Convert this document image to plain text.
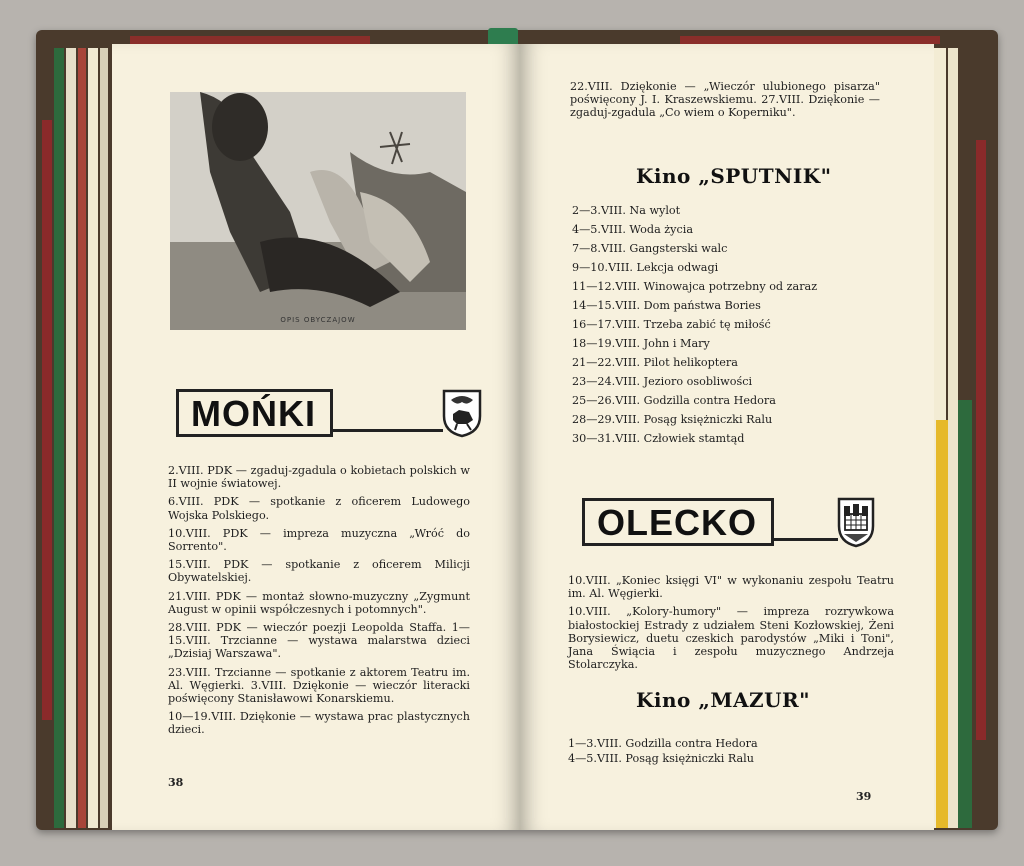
OPIS OBYCZAJOW
MOŃKI

2.VIII. PDK — zgaduj-zgadula o kobietach polskich w II wojnie światowej.

6.VIII. PDK — spotkanie z oficerem Ludowego Wojska Polskiego.

10.VIII. PDK — impreza muzyczna „Wróć do Sorrento".

15.VIII. PDK — spotkanie z oficerem Milicji Obywatelskiej.

21.VIII. PDK — montaż słowno-muzyczny „Zygmunt August w opinii współczesnych i potomnych".

28.VIII. PDK — wieczór poezji Leopolda Staffa. 1—15.VIII. Trzcianne — wystawa malarstwa dzieci „Dzisiaj Warszawa".

23.VIII. Trzcianne — spotkanie z aktorem Teatru im. Al. Węgierki. 3.VIII. Dziękonie — wieczór literacki poświęcony Stanisławowi Konarskiemu.

10—19.VIII. Dziękonie — wystawa prac plastycznych dzieci.

38

22.VIII. Dziękonie — „Wieczór ulubionego pisarza" poświęcony J. I. Kraszewskiemu. 27.VIII. Dziękonie — zgaduj-zgadula „Co wiem o Koperniku".

Kino „SPUTNIK"
2—3.VIII. Na wylot
4—5.VIII. Woda życia
7—8.VIII. Gangsterski walc
9—10.VIII. Lekcja odwagi
11—12.VIII. Winowajca potrzebny od zaraz
14—15.VIII. Dom państwa Bories
16—17.VIII. Trzeba zabić tę miłość
18—19.VIII. John i Mary
21—22.VIII. Pilot helikoptera
23—24.VIII. Jezioro osobliwości
25—26.VIII. Godzilla contra Hedora
28—29.VIII. Posąg księżniczki Ralu
30—31.VIII. Człowiek stamtąd
OLECKO

10.VIII. „Koniec księgi VI" w wykonaniu zespołu Teatru im. Al. Węgierki.

10.VIII. „Kolory-humory" — impreza rozrywkowa białostockiej Estrady z udziałem Steni Kozłowskiej, Żeni Borysiewicz, duetu czeskich parodystów „Miki i Toni", Jana Świącia i zespołu muzycznego Andrzeja Stolarczyka.

Kino „MAZUR"
1—3.VIII. Godzilla contra Hedora
4—5.VIII. Posąg księżniczki Ralu
39
